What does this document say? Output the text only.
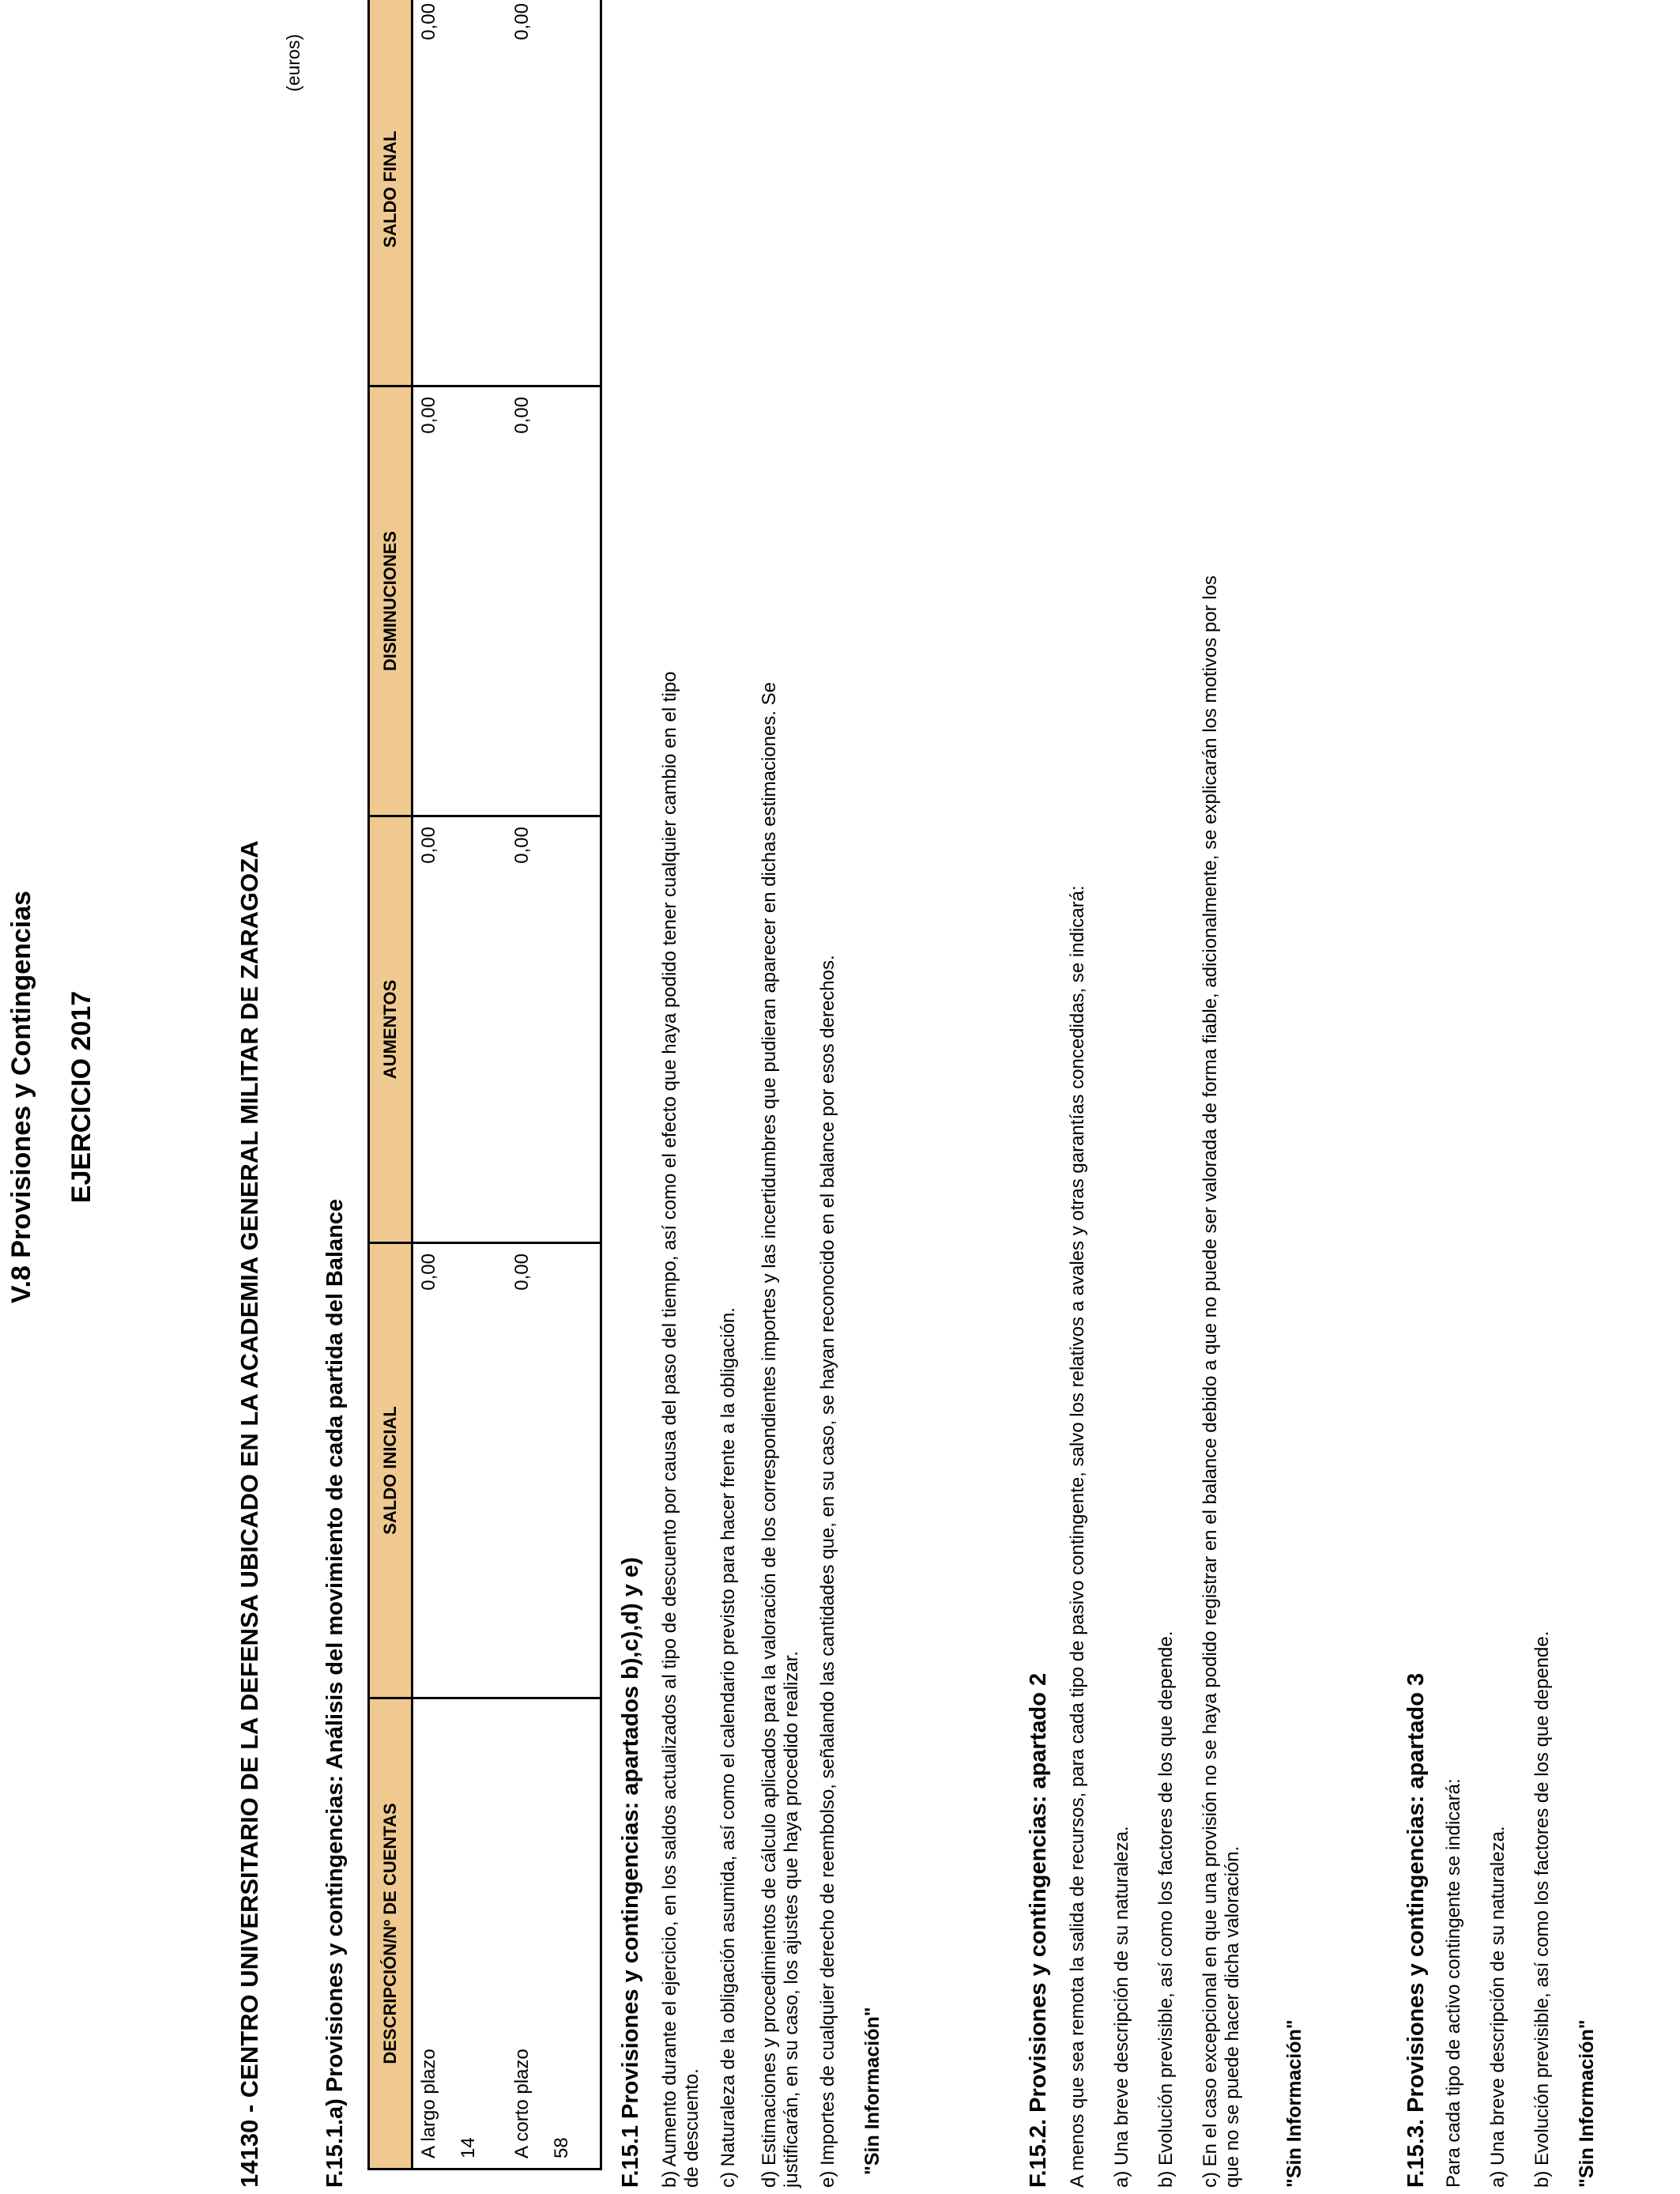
V.8 Provisiones y Contingencias EJERCICIO 2017	14130 - CENTRO UNIVERSITARIO DE LA DEFENSA UBICADO EN LA ACADEMIA GENERAL MILITAR DE ZARAGOZA
(euros)
F.15.1.a) Provisiones y contingencias: Análisis del movimiento de cada partida del Balance DESCRIPCIÓN/Nº DE CUENTAS	SALDO INICIAL	AUMENTOS	DISMINUCIONES	SALDO FINAL
A largo plazo 14	0,00	0,00	0,00	0,00
A corto plazo 58	0,00	0,00	0,00	0,00
F.15.1 Provisiones y contingencias: apartados b),c),d) y e) b) Aumento durante el ejercicio, en los saldos actualizados al tipo de descuento por causa del paso del tiempo, así como el efecto que haya podido tener cualquier cambio en el tipo de descuento. c) Naturaleza de la obligación asumida, así como el calendario previsto para hacer frente a la obligación. d) Estimaciones y procedimientos de cálculo aplicados para la valoración de los correspondientes importes y las incertidumbres que pudieran aparecer en dichas estimaciones. Se justificarán, en su caso, los ajustes que haya procedido realizar. e) Importes de cualquier derecho de reembolso, señalando las cantidades que, en su caso, se hayan reconocido en el balance por esos derechos. "Sin Información"	F.15.2. Provisiones y contingencias: apartado 2 A menos que sea remota la salida de recursos, para cada tipo de pasivo contingente, salvo los relativos a avales y otras garantías concedidas, se indicará: a) Una breve descripción de su naturaleza. b) Evolución previsible, así como los factores de los que depende. c) En el caso excepcional en que una provisión no se haya podido registrar en el balance debido a que no puede ser valorada de forma fiable, adicionalmente, se explicarán los motivos por los que no se puede hacer dicha valoración. "Sin Información"	F.15.3. Provisiones y contingencias: apartado 3 Para cada tipo de activo contingente se indicará: a) Una breve descripción de su naturaleza. b) Evolución previsible, así como los factores de los que depende. "Sin Información"
